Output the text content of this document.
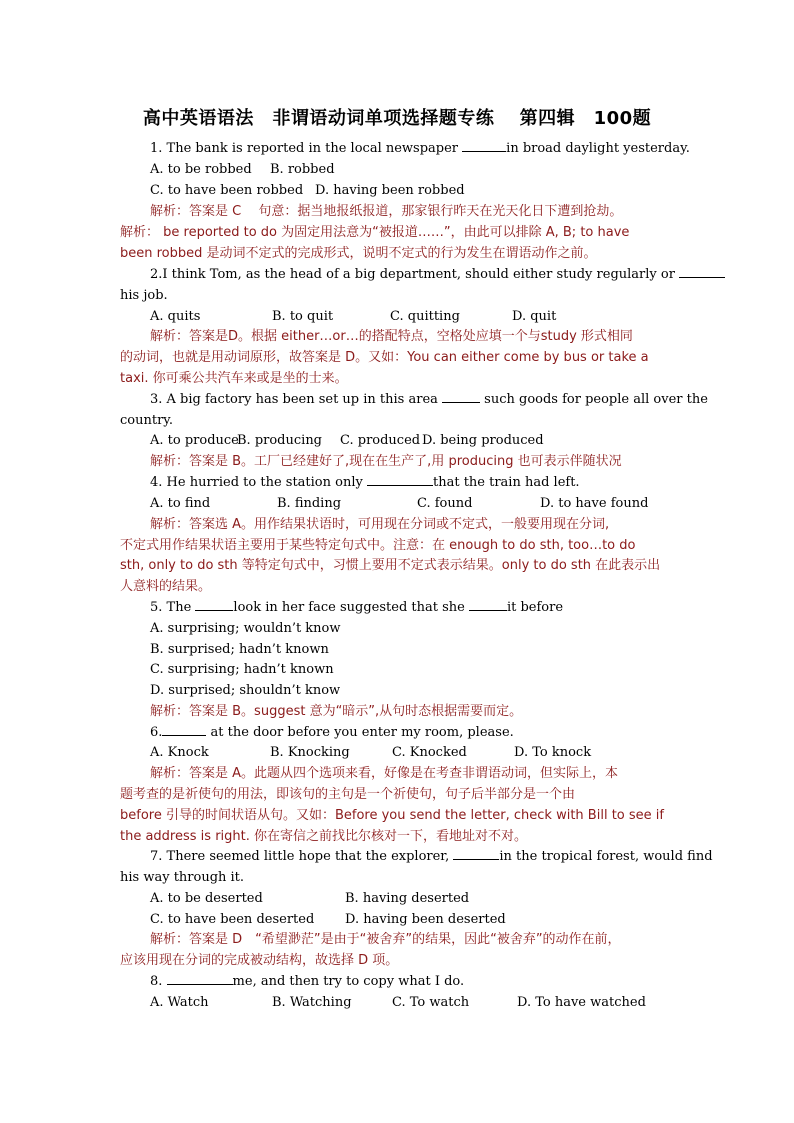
高中英语语法　非谓语动词单项选择题专练　 第四辑　100题
1. The bank is reported in the local newspaper	in broad daylight yesterday.
A. to be robbed B. robbed
C. to have been robbed D. having been robbed
解析：答案是 C　 句意：据当地报纸报道，那家银行昨天在光天化日下遭到抢劫。
解析： be reported to do 为固定用法意为“被报道……”，由此可以排除 A, B; to have
been robbed 是动词不定式的完成形式，说明不定式的行为发生在谓语动作之前。
2.I think Tom, as the head of a big department, should either study regularly or
his job.
A. quits	B. to quit	C. quitting	D. quit
解析：答案是D。根据 either…or…的搭配特点，空格处应填一个与study 形式相同
的动词，也就是用动词原形，故答案是 D。又如：You can either come by bus or take a
taxi. 你可乘公共汽车来或是坐的士来。
3. A big factory has been set up in this area	such goods for people all over the
country.
A. to produce
B. producing C. produced D. being produced
解析：答案是 B。工厂已经建好了,现在在生产了,用 producing 也可表示伴随状况
4. He hurried to the station only	that the train had left.
A. to find	B. finding	C. found	D. to have found
解析：答案选 A。用作结果状语时，可用现在分词或不定式，一般要用现在分词,
不定式用作结果状语主要用于某些特定句式中。注意：在 enough to do sth, too…to do
sth, only to do sth 等特定句式中，习惯上要用不定式表示结果。only to do sth 在此表示出
人意料的结果。
5. The	look in her face suggested that she	it before
A. surprising; wouldn’t know
B. surprised; hadn’t known
C. surprising; hadn’t known
D. surprised; shouldn’t know
解析：答案是 B。suggest 意为“暗示”,从句时态根据需要而定。
6.	at the door before you enter my room, please.
A. Knock	B. Knocking	C. Knocked	D. To knock
解析：答案是 A。此题从四个选项来看，好像是在考查非谓语动词，但实际上，本
题考查的是祈使句的用法，即该句的主句是一个祈使句，句子后半部分是一个由
before 引导的时间状语从句。又如：Before you send the letter, check with Bill to see if
the address is right. 你在寄信之前找比尔核对一下，看地址对不对。
7. There seemed little hope that the explorer,	in the tropical forest, would find
his way through it.
A. to be deserted	B. having deserted
C. to have been deserted D. having been deserted
解析：答案是 D　“希望渺茫”是由于“被舍弃”的结果，因此“被舍弃”的动作在前，
应该用现在分词的完成被动结构，故选择 D 项。
8.	me, and then try to copy what I do.
A. Watch	B. Watching	C. To watch	D. To have watched
